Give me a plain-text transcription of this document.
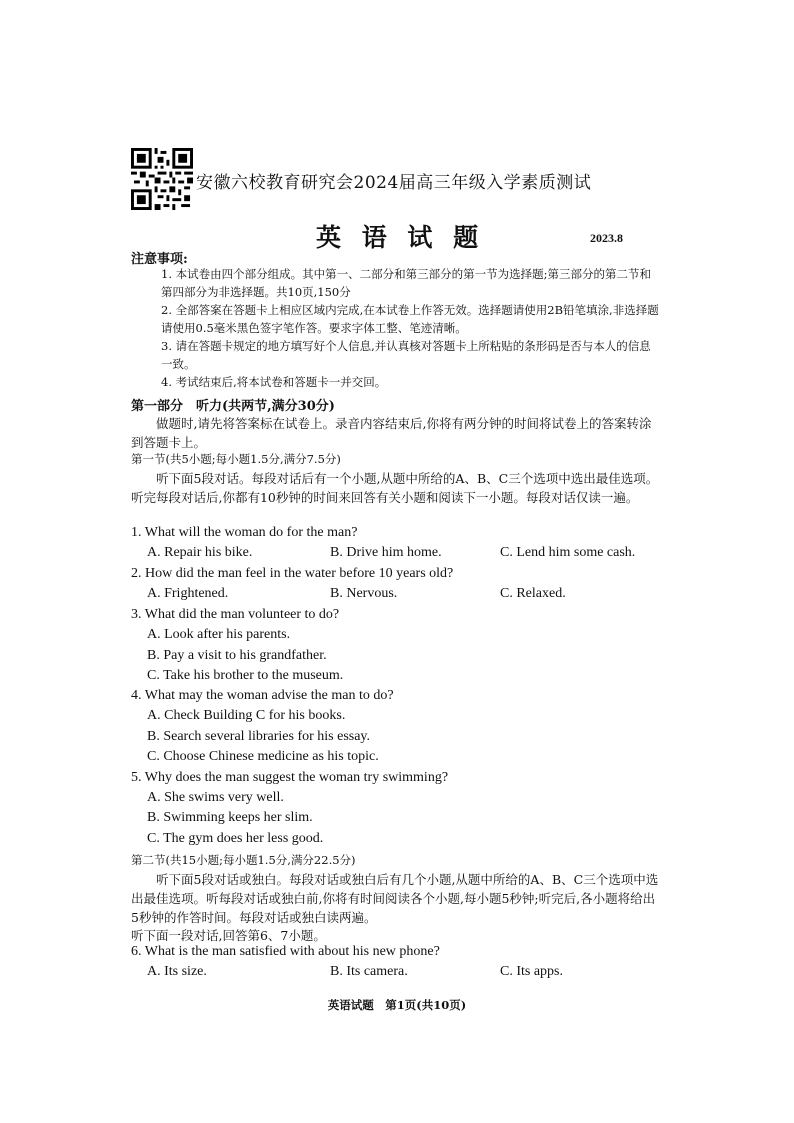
安徽六校教育研究会2024届高三年级入学素质测试
英 语 试 题	2023.8
注意事项:
1. 本试卷由四个部分组成。其中第一、二部分和第三部分的第一节为选择题;第三部分的第二节和第四部分为非选择题。共10页,150分
2. 全部答案在答题卡上相应区域内完成,在本试卷上作答无效。选择题请使用2B铅笔填涂,非选择题请使用0.5毫米黑色签字笔作答。要求字体工整、笔迹清晰。
3. 请在答题卡规定的地方填写好个人信息,并认真核对答题卡上所粘贴的条形码是否与本人的信息一致。
4. 考试结束后,将本试卷和答题卡一并交回。
第一部分　听力(共两节,满分30分)
做题时,请先将答案标在试卷上。录音内容结束后,你将有两分钟的时间将试卷上的答案转涂到答题卡上。
第一节(共5小题;每小题1.5分,满分7.5分)
听下面5段对话。每段对话后有一个小题,从题中所给的A、B、C三个选项中选出最佳选项。听完每段对话后,你都有10秒钟的时间来回答有关小题和阅读下一小题。每段对话仅读一遍。
1. What will the woman do for the man?
A. Repair his bike.	B. Drive him home.	C. Lend him some cash.
2. How did the man feel in the water before 10 years old?
A. Frightened.	B. Nervous.	C. Relaxed.
3. What did the man volunteer to do?
A. Look after his parents.
B. Pay a visit to his grandfather.
C. Take his brother to the museum.
4. What may the woman advise the man to do?
A. Check Building C for his books.
B. Search several libraries for his essay.
C. Choose Chinese medicine as his topic.
5. Why does the man suggest the woman try swimming?
A. She swims very well.
B. Swimming keeps her slim.
C. The gym does her less good.
第二节(共15小题;每小题1.5分,满分22.5分)
听下面5段对话或独白。每段对话或独白后有几个小题,从题中所给的A、B、C三个选项中选出最佳选项。听每段对话或独白前,你将有时间阅读各个小题,每小题5秒钟;听完后,各小题将给出5秒钟的作答时间。每段对话或独白读两遍。
听下面一段对话,回答第6、7小题。
6. What is the man satisfied with about his new phone?
A. Its size.	B. Its camera.	C. Its apps.
英语试题　第1页(共10页)
